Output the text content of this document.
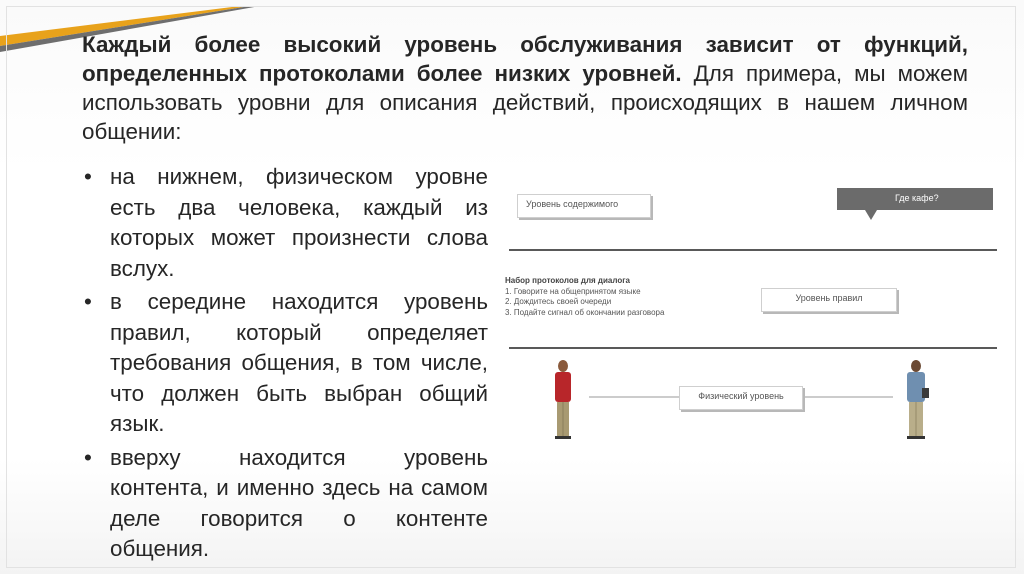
Каждый более высокий уровень обслуживания зависит от функций, определенных протоколами более низких уровней. Для примера, мы можем использовать уровни для описания действий, происходящих в нашем личном общении:

• на нижнем, физическом уровне есть два человека, каждый из которых может произнести слова вслух.
• в середине находится уровень правил, который определяет требования общения, в том числе, что должен быть выбран общий язык.
• вверху находится уровень контента, и именно здесь на самом деле говорится о контенте общения.
Уровень содержимого
Где кафе?
Набор протоколов для диалога
1. Говорите на общепринятом языке
2. Дождитесь своей очереди
3. Подайте сигнал об окончании разговора
Уровень правил
Физический уровень
